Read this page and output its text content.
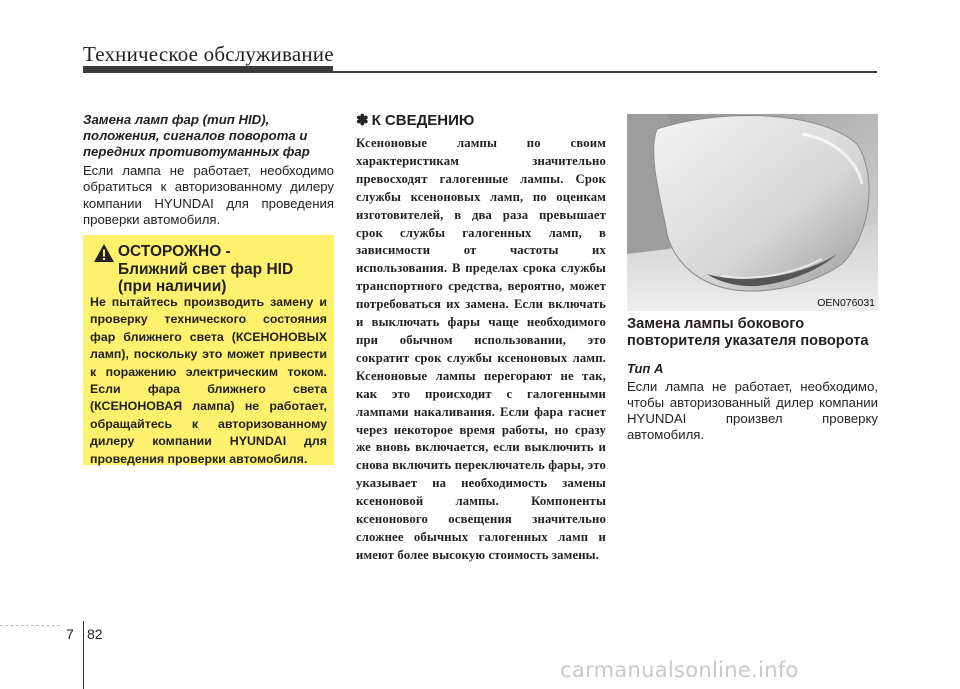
Техническое обслуживание
Замена ламп фар (тип HID), положения, сигналов поворота и передних противотуманных фар
Если лампа не работает, необходимо обратиться к авторизованному дилеру компании HYUNDAI для проведения проверки автомобиля.
ОСТОРОЖНО -
Ближний свет фар HID
(при наличии)
Не пытайтесь производить замену и проверку технического состояния фар ближнего света (КСЕНОНОВЫХ ламп), поскольку это может привести к поражению электрическим током. Если фара ближнего света (КСЕНОНОВАЯ лампа) не работает, обращайтесь к авторизованному дилеру компании HYUNDAI для проведения проверки автомобиля.
✽ К СВЕДЕНИЮ
Ксеноновые лампы по своим характеристикам значительно превосходят галогенные лампы. Срок службы ксеноновых ламп, по оценкам изготовителей, в два раза превышает срок службы галогенных ламп, в зависимости от частоты их использования. В пределах срока службы транспортного средства, вероятно, может потребоваться их замена. Если включать и выключать фары чаще необходимого при обычном использовании, это сократит срок службы ксеноновых ламп. Ксеноновые лампы перегорают не так, как это происходит с галогенными лампами накаливания. Если фара гаснет через некоторое время работы, но сразу же вновь включается, если выключить и снова включить переключатель фары, это указывает на необходимость замены ксеноновой лампы. Компоненты ксенонового освещения значительно сложнее обычных галогенных ламп и имеют более высокую стоимость замены.
OEN076031
Замена лампы бокового повторителя указателя поворота
Тип A
Если лампа не работает, необходимо, чтобы авторизованный дилер компании HYUNDAI произвел проверку автомобиля.
7 82
carmanualsonline.info
